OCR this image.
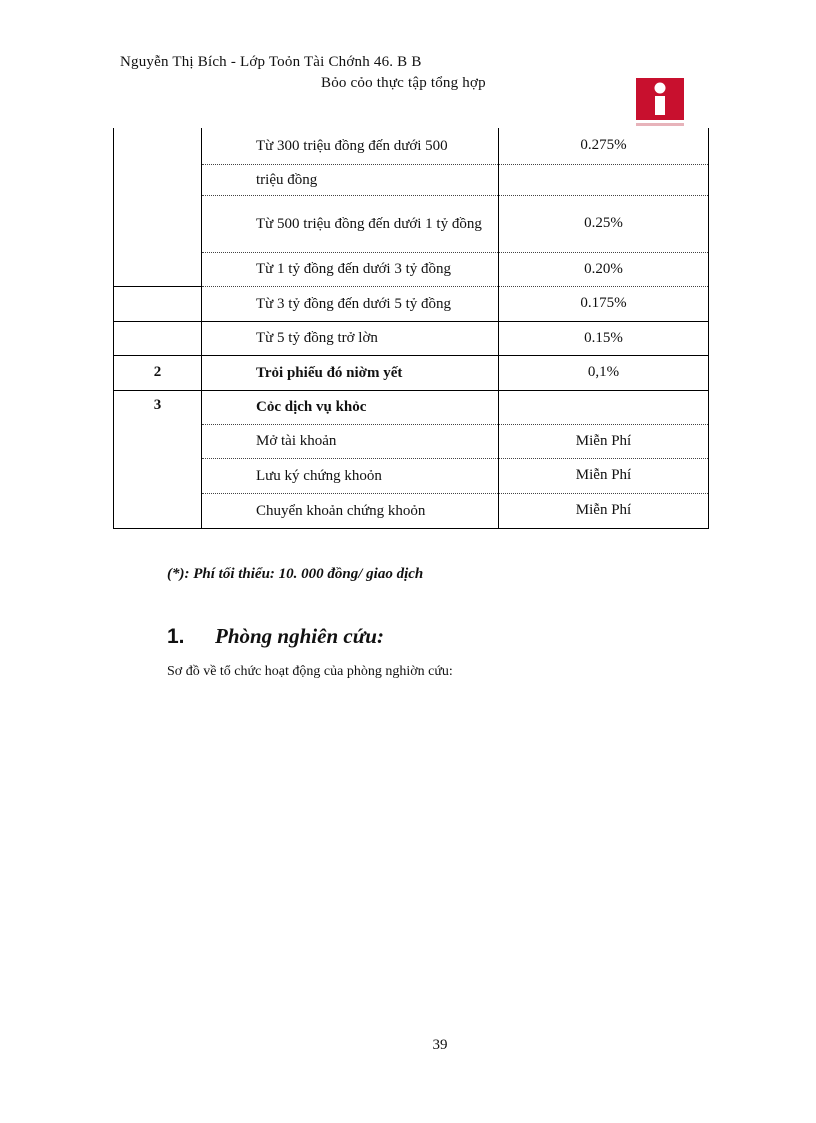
Nguyễn Thị Bích - Lớp Toỏn Tài Chớnh 46. B B
Bỏo cỏo thực tập tổng hợp

	Từ 300 triệu đồng đến dưới 500	0.275%

	triệu đồng	

	Từ 500 triệu đồng đến dưới 1 tỷ đồng	0.25%

	Từ 1 tỷ đồng đến dưới 3 tỷ đồng	0.20%

	Từ 3 tỷ đồng đến dưới 5 tỷ đồng	0.175%

	Từ 5 tỷ đồng trở lờn	0.15%
2	Trỏi phiếu đó niờm yết	0,1%
3	Cỏc dịch vụ khỏc	

	Mở tài khoản	Miễn Phí

	Lưu ký chứng khoỏn	Miễn Phí

	Chuyển khoản chứng khoỏn	Miễn Phí
(*): Phí tối thiểu: 10. 000 đồng/ giao dịch
1. Phòng nghiên cứu:
Sơ đồ về tổ chức hoạt động của phòng nghiờn cứu:
39
